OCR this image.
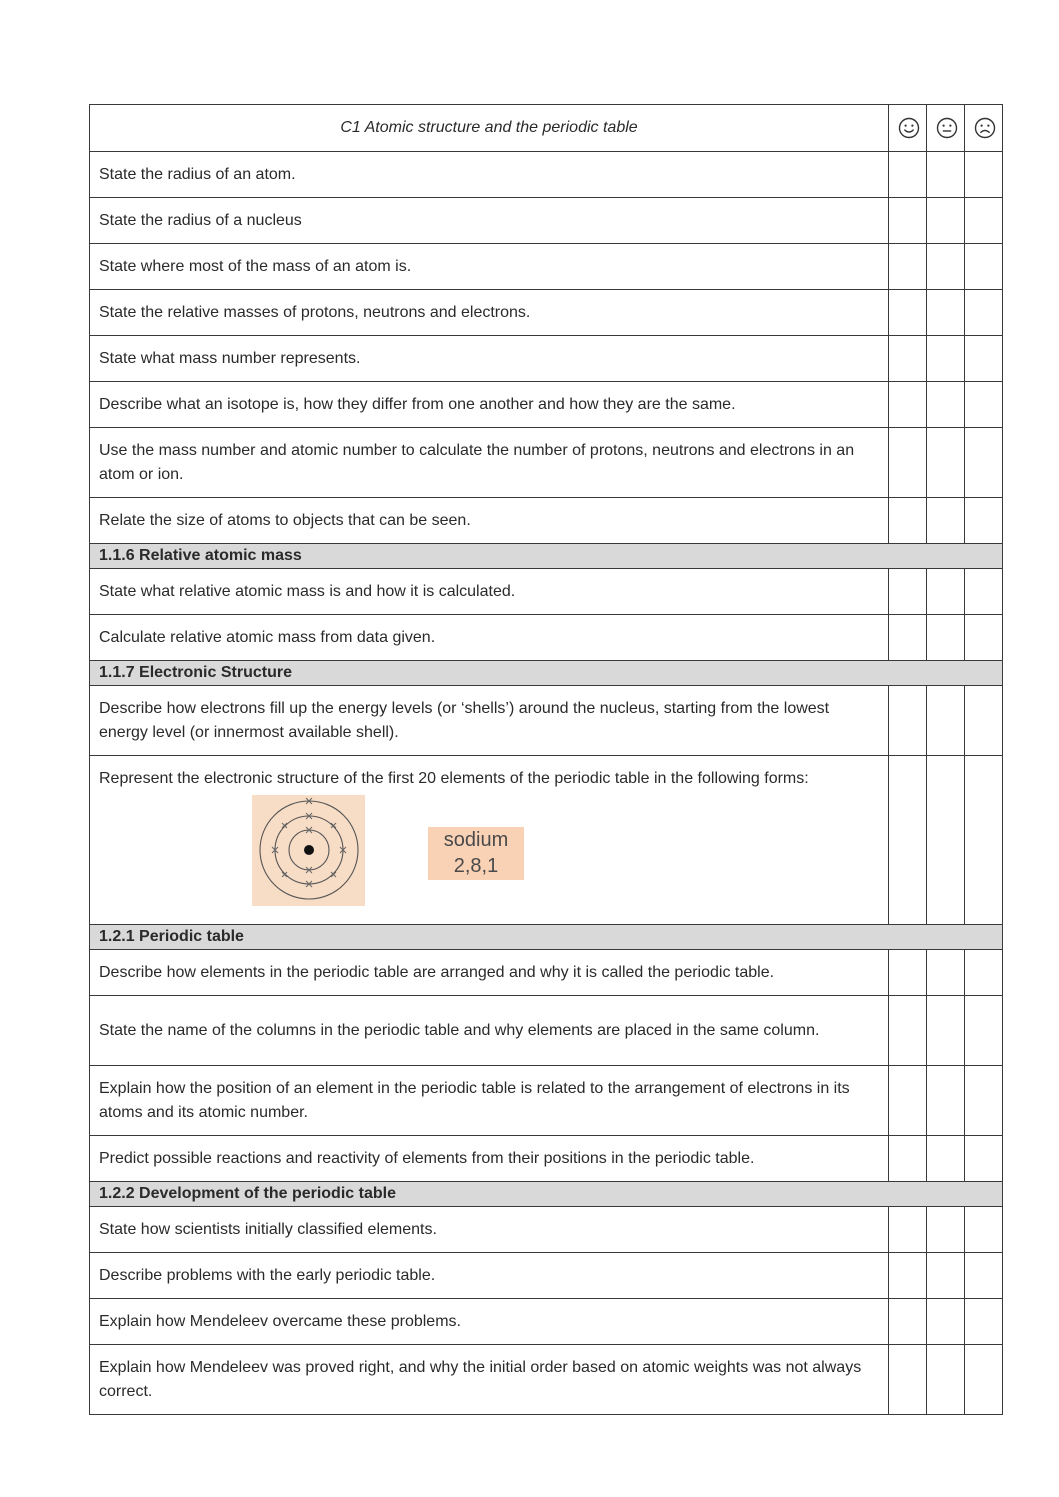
C1 Atomic structure and the periodic table	

State the radius of an atom.			
State the radius of a nucleus			
State where most of the mass of an atom is.			
State the relative masses of protons, neutrons and electrons.			
State what mass number represents.			
Describe what an isotope is, how they differ from one another and how they are the same.			
Use the mass number and atomic number to calculate the number of protons, neutrons and electrons in an atom or ion.			
Relate the size of atoms to objects that can be seen.			
1.1.6 Relative atomic mass			
State what relative atomic mass is and how it is calculated.			
Calculate relative atomic mass from data given.			
1.1.7 Electronic Structure			
Describe how electrons fill up the energy levels (or ‘shells’) around the nucleus, starting from the lowest energy level (or innermost available shell).			

Represent the electronic structure of the first 20 elements of the periodic table in the following forms:
sodium
2,8,1			

1.2.1 Periodic table			
Describe how elements in the periodic table are arranged and why it is called the periodic table.			
State the name of the columns in the periodic table and why elements are placed in the same column.			
Explain how the position of an element in the periodic table is related to the arrangement of electrons in its atoms and its atomic number.			
Predict possible reactions and reactivity of elements from their positions in the periodic table.			
1.2.2 Development of the periodic table			
State how scientists initially classified elements.			
Describe problems with the early periodic table.			
Explain how Mendeleev overcame these problems.			
Explain how Mendeleev was proved right, and why the initial order based on atomic weights was not always correct.			
